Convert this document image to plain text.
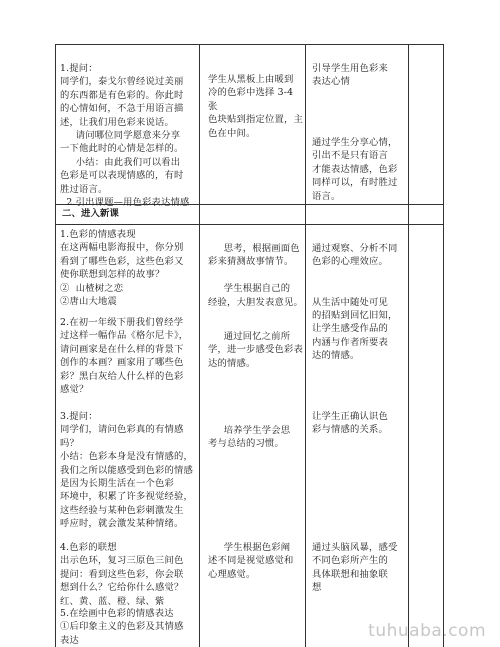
1.提问：
同学们，泰戈尔曾经说过美丽
的东西都是有色彩的。你此时
的心情如何，不急于用语言描
述，让我们用色彩来说话。
请问哪位同学愿意来分享
一下他此时的心情是怎样的。
小结：由此我们可以看出
色彩是可以表现情感的，有时
胜过语言。
2.引出课题—用色彩表达情感
学生从黑板上由暖到
冷的色彩中选择 3-4 张
色块贴到指定位置，主
色在中间。
引导学生用色彩来
表达心情
通过学生分享心情，
引出不是只有语言
才能表达情感，色彩
同样可以，有时胜过
语言。
二、进入新课
1.色彩的情感表现
在这两幅电影海报中，你分别
看到了哪些色彩，这些色彩又
使你联想到怎样的故事？
②  山楂树之恋
②唐山大地震
思考，根据画面色
彩来猜测故事情节。

学生根据自己的
经验，大胆发表意见。
通过观察、分析不同
色彩的心理效应。

从生活中随处可见
的招贴到回忆旧知，
让学生感受作品的
内涵与作者所要表
达的情感。
2.在初一年级下册我们曾经学
过这样一幅作品《格尔尼卡》，
请问画家是在什么样的背景下
创作的本画？画家用了哪些色
彩？黑白灰给人什么样的色彩
感觉？
通过回忆之前所
学，进一步感受色彩表
达的情感。
3.提问：
同学们，请问色彩真的有情感
吗？
小结：色彩本身是没有情感的，
我们之所以能感受到色彩的情感
是因为长期生活在一个色彩
环境中，积累了许多视觉经验，
这些经验与某种色彩刺激发生
呼应时，就会激发某种情绪。
培养学生学会思
考与总结的习惯。
让学生正确认识色
彩与情感的关系。
4.色彩的联想
出示色环，复习三原色三间色
提问：看到这些色彩，你会联
想到什么？它给你什么感觉？
红、黄、蓝、橙、绿、紫
学生根据色彩阐
述不同是视觉感觉和
心理感觉。
通过头脑风暴，感受
不同色彩所产生的
具体联想和抽象联
想
5.在绘画中色彩的情感表达
①后印象主义的色彩及其情感
表达	tuhuaba.com
